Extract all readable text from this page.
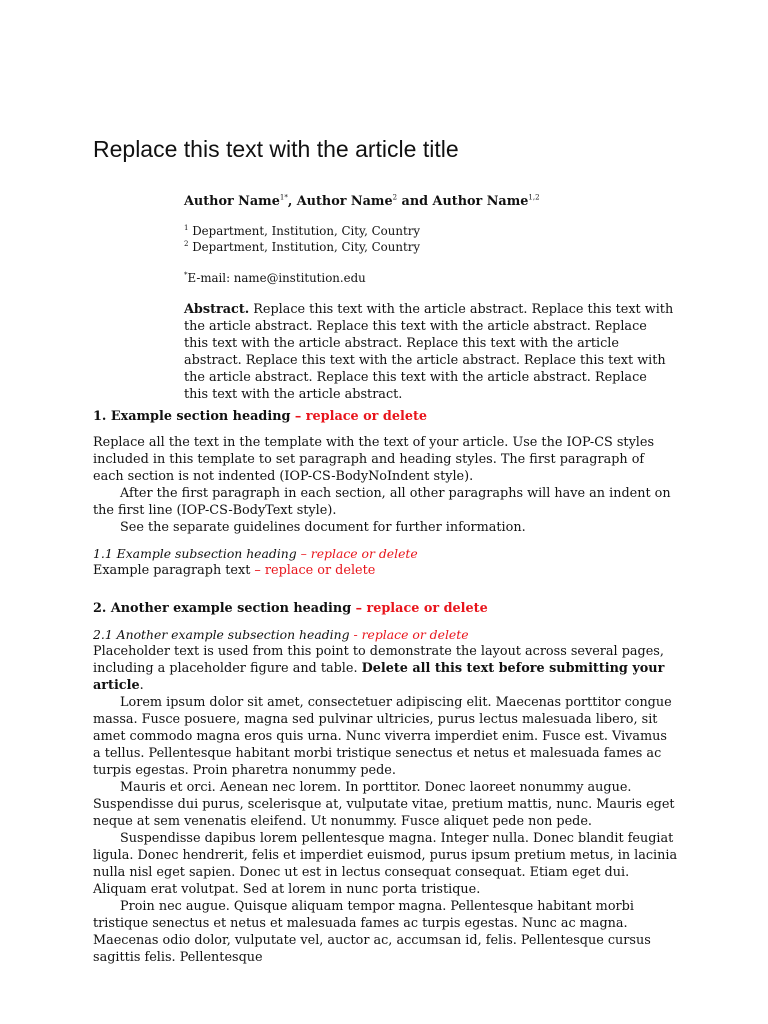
Replace this text with the article title
Author Name$^{1*}$, Author Name$^2$ and Author Name$^{1,2}$
$^1$ Department, Institution, City, Country
$^2$ Department, Institution, City, Country
*E-mail: name@institution.edu
Abstract. Replace this text with the article abstract. Replace this text with the article abstract. Replace this text with the article abstract. Replace this text with the article abstract. Replace this text with the article abstract. Replace this text with the article abstract. Replace this text with the article abstract. Replace this text with the article abstract. Replace this text with the article abstract.
1. Example section heading – replace or delete

Replace all the text in the template with the text of your article. Use the IOP-CS styles included in this template to set paragraph and heading styles. The first paragraph of each section is not indented (IOP-CS-BodyNoIndent style).

After the first paragraph in each section, all other paragraphs will have an indent on the first line (IOP-CS-BodyText style).

See the separate guidelines document for further information.

1.1 Example subsection heading – replace or delete

Example paragraph text – replace or delete

2. Another example section heading – replace or delete
2.1 Another example subsection heading - replace or delete

Placeholder text is used from this point to demonstrate the layout across several pages, including a placeholder figure and table. Delete all this text before submitting your article.

Lorem ipsum dolor sit amet, consectetuer adipiscing elit. Maecenas porttitor congue massa. Fusce posuere, magna sed pulvinar ultricies, purus lectus malesuada libero, sit amet commodo magna eros quis urna. Nunc viverra imperdiet enim. Fusce est. Vivamus a tellus. Pellentesque habitant morbi tristique senectus et netus et malesuada fames ac turpis egestas. Proin pharetra nonummy pede.

Mauris et orci. Aenean nec lorem. In porttitor. Donec laoreet nonummy augue. Suspendisse dui purus, scelerisque at, vulputate vitae, pretium mattis, nunc. Mauris eget neque at sem venenatis eleifend. Ut nonummy. Fusce aliquet pede non pede.

Suspendisse dapibus lorem pellentesque magna. Integer nulla. Donec blandit feugiat ligula. Donec hendrerit, felis et imperdiet euismod, purus ipsum pretium metus, in lacinia nulla nisl eget sapien. Donec ut est in lectus consequat consequat. Etiam eget dui. Aliquam erat volutpat. Sed at lorem in nunc porta tristique.

Proin nec augue. Quisque aliquam tempor magna. Pellentesque habitant morbi tristique senectus et netus et malesuada fames ac turpis egestas. Nunc ac magna. Maecenas odio dolor, vulputate vel, auctor ac, accumsan id, felis. Pellentesque cursus sagittis felis. Pellentesque
